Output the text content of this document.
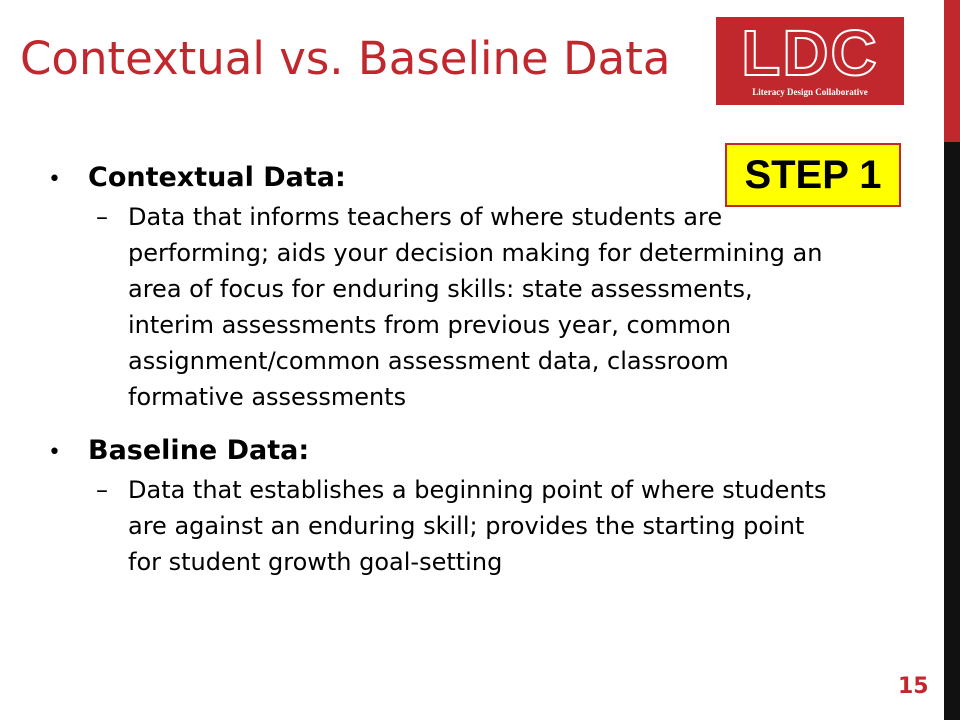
Contextual vs. Baseline Data	LDC
Literacy Design Collaborative
STEP 1
•	Contextual Data:
– Data that informs teachers of where students are performing; aids your decision making for determining an area of focus for enduring skills: state assessments, interim assessments from previous year, common assignment/common assessment data, classroom formative assessments
•	Baseline Data:
– Data that establishes a beginning point of where students are against an enduring skill; provides the starting point for student growth goal-setting
15
